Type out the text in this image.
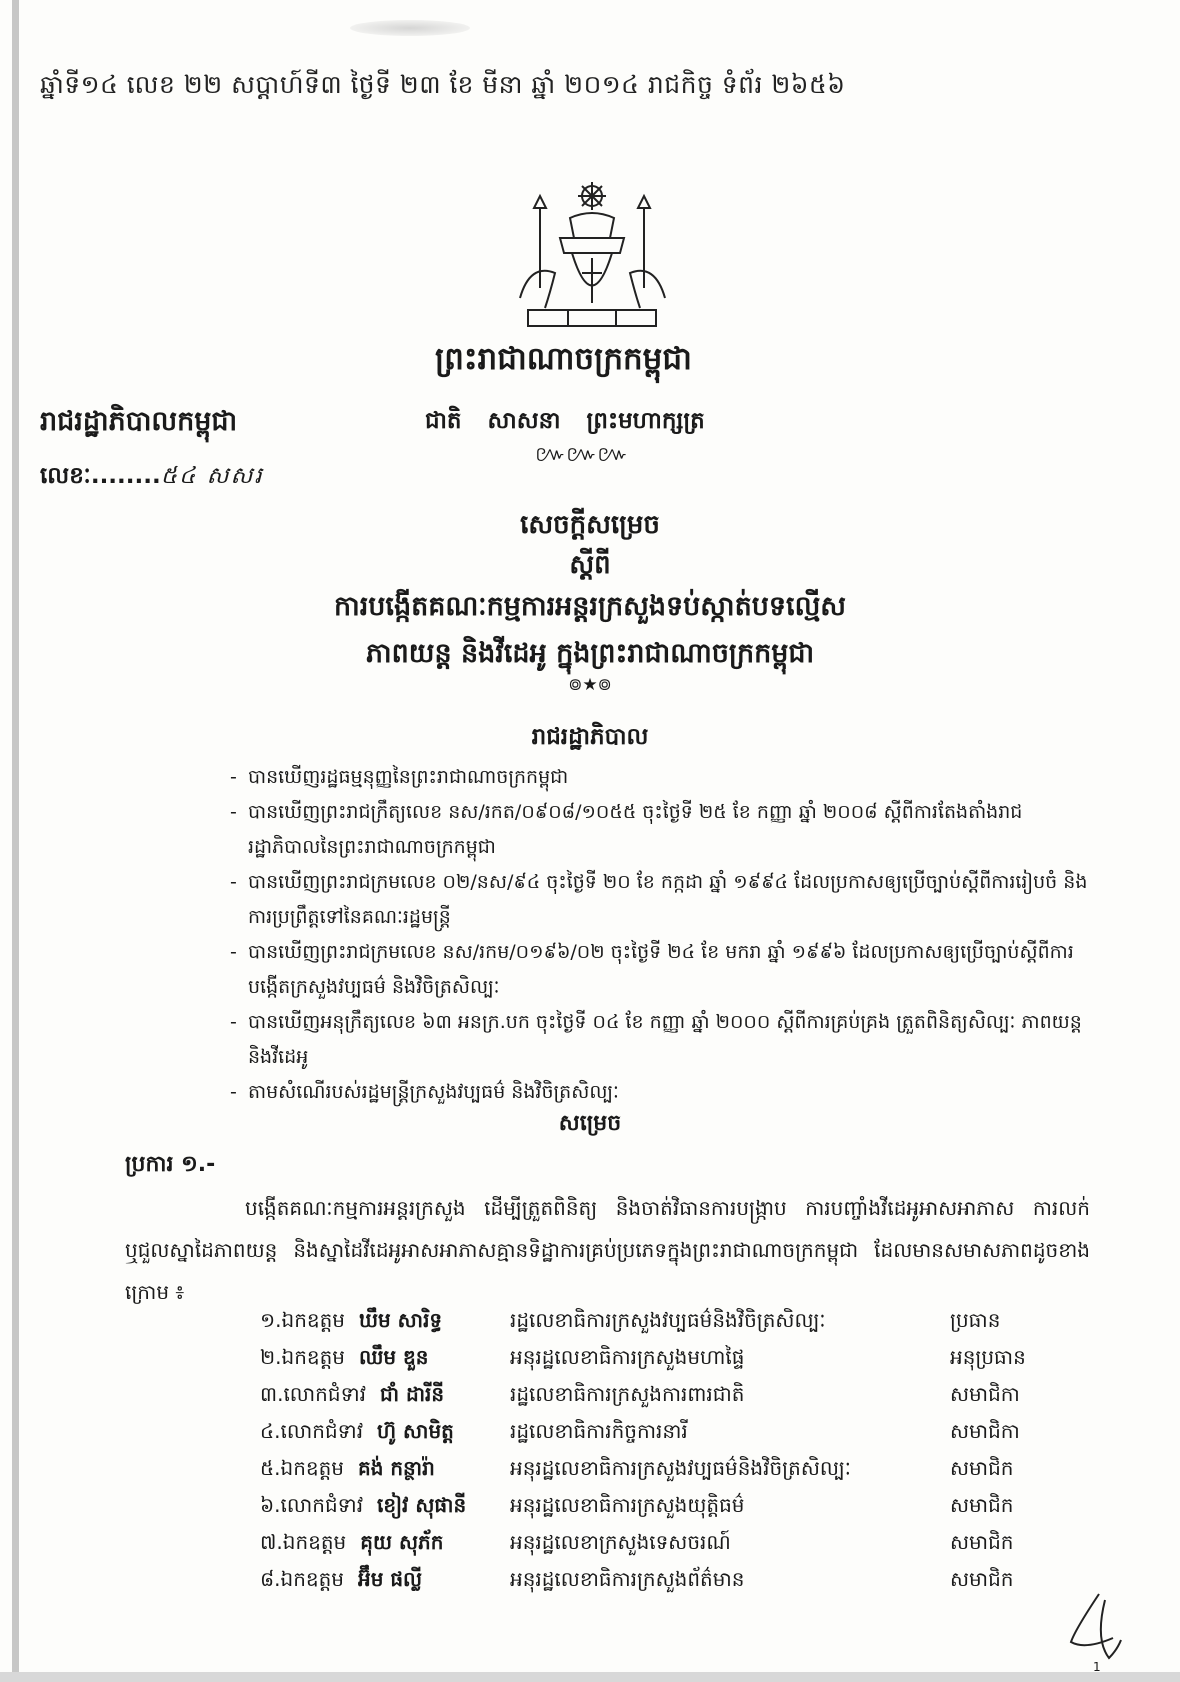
ឆ្នាំទី១៤ លេខ ២២ សប្តាហ៍ទី៣ ថ្ងៃទី ២៣ ខែ មីនា ឆ្នាំ ២០១៤ រាជកិច្ច ទំព័រ ២៦៥៦
ព្រះរាជាណាចក្រកម្ពុជា
ជាតិ សាសនា ព្រះមហាក្សត្រ
៚៚៚
រាជរដ្ឋាភិបាលកម្ពុជា
លេខៈ........៥៤ សសរ
សេចក្តីសម្រេច
ស្តីពី
ការបង្កើតគណៈកម្មការអន្តរក្រសួងទប់ស្កាត់បទល្មើស
ភាពយន្ត និងវីដេអូ ក្នុងព្រះរាជាណាចក្រកម្ពុជា
៙★៙
រាជរដ្ឋាភិបាល
- បានឃើញរដ្ឋធម្មនុញ្ញនៃព្រះរាជាណាចក្រកម្ពុជា
- បានឃើញព្រះរាជក្រឹត្យលេខ នស/រកត/០៩០៨/១០៥៥ ចុះថ្ងៃទី ២៥ ខែ កញ្ញា ឆ្នាំ ២០០៨ ស្តីពីការតែងតាំងរាជរដ្ឋាភិបាលនៃព្រះរាជាណាចក្រកម្ពុជា
- បានឃើញព្រះរាជក្រមលេខ ០២/នស/៩៤ ចុះថ្ងៃទី ២០ ខែ កក្កដា ឆ្នាំ ១៩៩៤ ដែលប្រកាសឲ្យប្រើច្បាប់ស្តីពីការរៀបចំ និងការប្រព្រឹត្តទៅនៃគណៈរដ្ឋមន្ត្រី
- បានឃើញព្រះរាជក្រមលេខ នស/រកម/០១៩៦/០២ ចុះថ្ងៃទី ២៤ ខែ មករា ឆ្នាំ ១៩៩៦ ដែលប្រកាសឲ្យប្រើច្បាប់ស្តីពីការបង្កើតក្រសួងវប្បធម៌ និងវិចិត្រសិល្បៈ
- បានឃើញអនុក្រឹត្យលេខ ៦៣ អនក្រ.បក ចុះថ្ងៃទី ០៤ ខែ កញ្ញា ឆ្នាំ ២០០០ ស្តីពីការគ្រប់គ្រង ត្រួតពិនិត្យសិល្បៈ ភាពយន្ត និងវីដេអូ
- តាមសំណើរបស់រដ្ឋមន្ត្រីក្រសួងវប្បធម៌ និងវិចិត្រសិល្បៈ
សម្រេច
ប្រការ ១.-

បង្កើតគណៈកម្មការអន្តរក្រសួង ដើម្បីត្រួតពិនិត្យ និងចាត់វិធានការបង្ក្រាប ការបញ្ចាំងវីដេអូអាសអាភាស ការលក់ ឬជួលស្នាដៃភាពយន្ត និងស្នាដៃវីដេអូអាសអាភាសគ្មានទិដ្ឋាការគ្រប់ប្រភេទក្នុងព្រះរាជាណាចក្រកម្ពុជា ដែលមានសមាសភាពដូចខាងក្រោម ៖

១.ឯកឧត្តម ឃឹម សារិទ្ធ	រដ្ឋលេខាធិការក្រសួងវប្បធម៌និងវិចិត្រសិល្បៈ	ប្រធាន
២.ឯកឧត្តម ឈឹម ឌួន	អនុរដ្ឋលេខាធិការក្រសួងមហាផ្ទៃ	អនុប្រធាន
៣.លោកជំទាវ ជាំ ដារីនី	រដ្ឋលេខាធិការក្រសួងការពារជាតិ	សមាជិកា
៤.លោកជំទាវ ហ៊ូ សាមិត្ត	រដ្ឋលេខាធិការកិច្ចការនារី	សមាជិកា
៥.ឯកឧត្តម គង់ កន្ថារ៉ា	អនុរដ្ឋលេខាធិការក្រសួងវប្បធម៌និងវិចិត្រសិល្បៈ	សមាជិក
៦.លោកជំទាវ ខៀវ សុផានី	អនុរដ្ឋលេខាធិការក្រសួងយុត្តិធម៌	សមាជិក
៧.ឯកឧត្តម គុយ សុភ័ក	អនុរដ្ឋលេខាក្រសួងទេសចរណ៍	សមាជិក
៨.ឯកឧត្តម អ៊ឹម ផល្លី	អនុរដ្ឋលេខាធិការក្រសួងព័ត៌មាន	សមាជិក
1
